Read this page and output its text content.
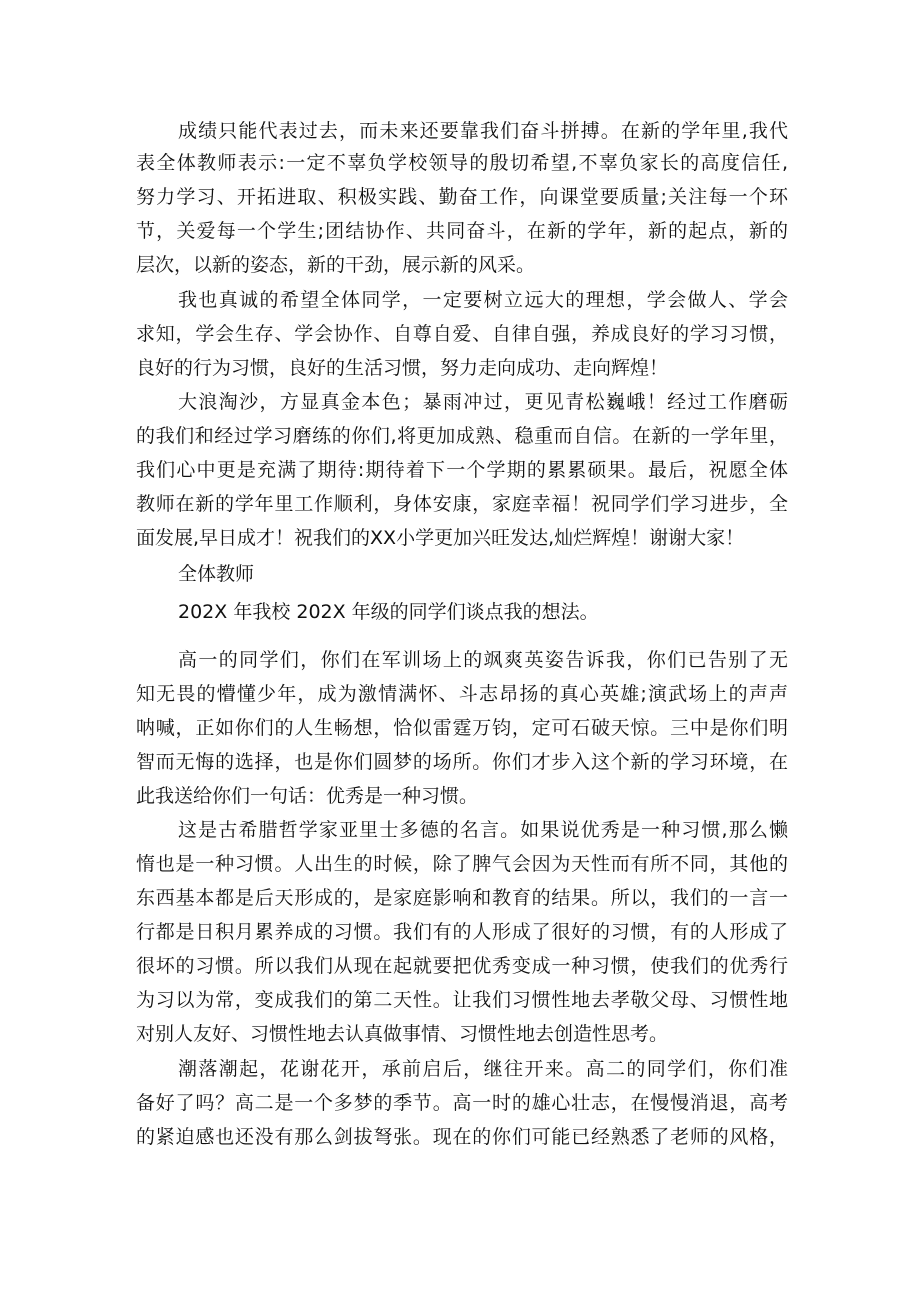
成绩只能代表过去，而未来还要靠我们奋斗拼搏。在新的学年里,我代
表全体教师表示:一定不辜负学校领导的殷切希望,不辜负家长的高度信任,
努力学习、开拓进取、积极实践、勤奋工作，向课堂要质量;关注每一个环
节，关爱每一个学生;团结协作、共同奋斗，在新的学年，新的起点，新的
层次，以新的姿态，新的干劲，展示新的风采。
我也真诚的希望全体同学，一定要树立远大的理想，学会做人、学会
求知，学会生存、学会协作、自尊自爱、自律自强，养成良好的学习习惯，
良好的行为习惯，良好的生活习惯，努力走向成功、走向辉煌！
大浪淘沙，方显真金本色；暴雨冲过，更见青松巍峨！经过工作磨砺
的我们和经过学习磨练的你们,将更加成熟、稳重而自信。在新的一学年里，
我们心中更是充满了期待:期待着下一个学期的累累硕果。最后，祝愿全体
教师在新的学年里工作顺利，身体安康，家庭幸福！祝同学们学习进步，全
面发展,早日成才！祝我们的XX小学更加兴旺发达,灿烂辉煌！谢谢大家！
全体教师
202X 年我校 202X 年级的同学们谈点我的想法。
高一的同学们，你们在军训场上的飒爽英姿告诉我，你们已告别了无
知无畏的懵懂少年，成为激情满怀、斗志昂扬的真心英雄;演武场上的声声
呐喊，正如你们的人生畅想，恰似雷霆万钧，定可石破天惊。三中是你们明
智而无悔的选择，也是你们圆梦的场所。你们才步入这个新的学习环境，在
此我送给你们一句话：优秀是一种习惯。
这是古希腊哲学家亚里士多德的名言。如果说优秀是一种习惯,那么懒
惰也是一种习惯。人出生的时候，除了脾气会因为天性而有所不同，其他的
东西基本都是后天形成的，是家庭影响和教育的结果。所以，我们的一言一
行都是日积月累养成的习惯。我们有的人形成了很好的习惯，有的人形成了
很坏的习惯。所以我们从现在起就要把优秀变成一种习惯，使我们的优秀行
为习以为常，变成我们的第二天性。让我们习惯性地去孝敬父母、习惯性地
对别人友好、习惯性地去认真做事情、习惯性地去创造性思考。
潮落潮起，花谢花开，承前启后，继往开来。高二的同学们，你们准
备好了吗？高二是一个多梦的季节。高一时的雄心壮志，在慢慢消退，高考
的紧迫感也还没有那么剑拔弩张。现在的你们可能已经熟悉了老师的风格，
